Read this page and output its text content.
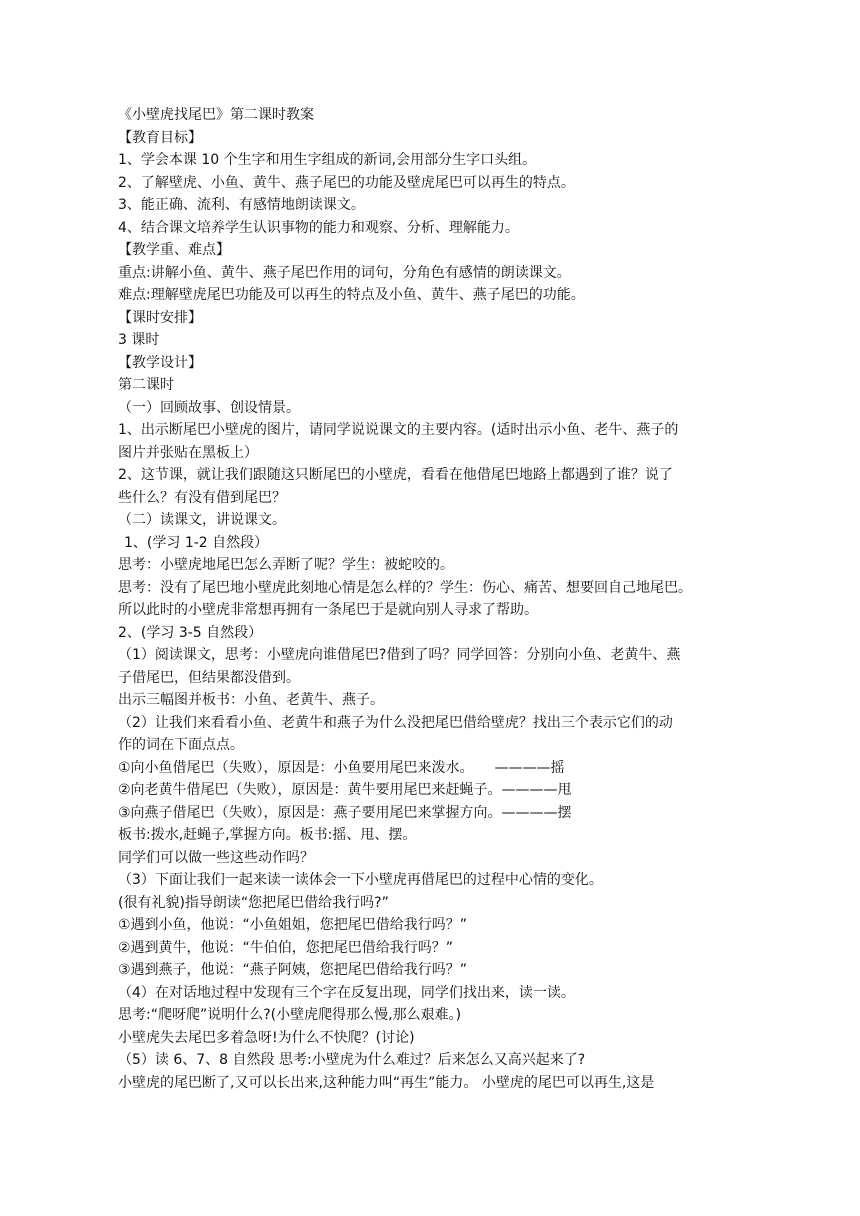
《小壁虎找尾巴》第二课时教案
【教育目标】
1、学会本课 10 个生字和用生字组成的新词,会用部分生字口头组。
2、了解壁虎、小鱼、黄牛、燕子尾巴的功能及壁虎尾巴可以再生的特点。
3、能正确、流利、有感情地朗读课文。
4、结合课文培养学生认识事物的能力和观察、分析、理解能力。
【教学重、难点】
重点:讲解小鱼、黄牛、燕子尾巴作用的词句，分角色有感情的朗读课文。
难点:理解壁虎尾巴功能及可以再生的特点及小鱼、黄牛、燕子尾巴的功能。
【课时安排】
3 课时
【教学设计】
第二课时
（一）回顾故事、创设情景。
1、出示断尾巴小壁虎的图片，请同学说说课文的主要内容。(适时出示小鱼、老牛、燕子的
图片并张贴在黑板上）
2、这节课，就让我们跟随这只断尾巴的小壁虎，看看在他借尾巴地路上都遇到了谁？说了
些什么？有没有借到尾巴？
（二）读课文，讲说课文。
1、(学习 1-2 自然段）
思考：小壁虎地尾巴怎么弄断了呢？学生：被蛇咬的。
思考：没有了尾巴地小壁虎此刻地心情是怎么样的？学生：伤心、痛苦、想要回自己地尾巴。
所以此时的小壁虎非常想再拥有一条尾巴于是就向别人寻求了帮助。
2、(学习 3-5 自然段）
（1）阅读课文，思考：小壁虎向谁借尾巴?借到了吗？同学回答：分别向小鱼、老黄牛、燕
子借尾巴，但结果都没借到。
出示三幅图并板书：小鱼、老黄牛、燕子。
（2）让我们来看看小鱼、老黄牛和燕子为什么没把尾巴借给壁虎？找出三个表示它们的动
作的词在下面点点。
①向小鱼借尾巴（失败），原因是：小鱼要用尾巴来泼水。　　————摇
②向老黄牛借尾巴（失败），原因是：黄牛要用尾巴来赶蝇子。————甩
③向燕子借尾巴（失败），原因是：燕子要用尾巴来掌握方向。————摆
板书:拨水,赶蝇子,掌握方向。板书:摇、甩、摆。
同学们可以做一些这些动作吗？
（3）下面让我们一起来读一读体会一下小壁虎再借尾巴的过程中心情的变化。
(很有礼貌)指导朗读“您把尾巴借给我行吗?”
①遇到小鱼，他说：“小鱼姐姐，您把尾巴借给我行吗？”
②遇到黄牛，他说：“牛伯伯，您把尾巴借给我行吗？”
③遇到燕子，他说：“燕子阿姨，您把尾巴借给我行吗？”
（4）在对话地过程中发现有三个字在反复出现，同学们找出来，读一读。
思考:“爬呀爬”说明什么?(小壁虎爬得那么慢,那么艰难。)
小壁虎失去尾巴多着急呀!为什么不快爬？(讨论)
（5）读 6、7、8 自然段 思考:小壁虎为什么难过？后来怎么又高兴起来了?
小壁虎的尾巴断了,又可以长出来,这种能力叫“再生”能力。 小壁虎的尾巴可以再生,这是
